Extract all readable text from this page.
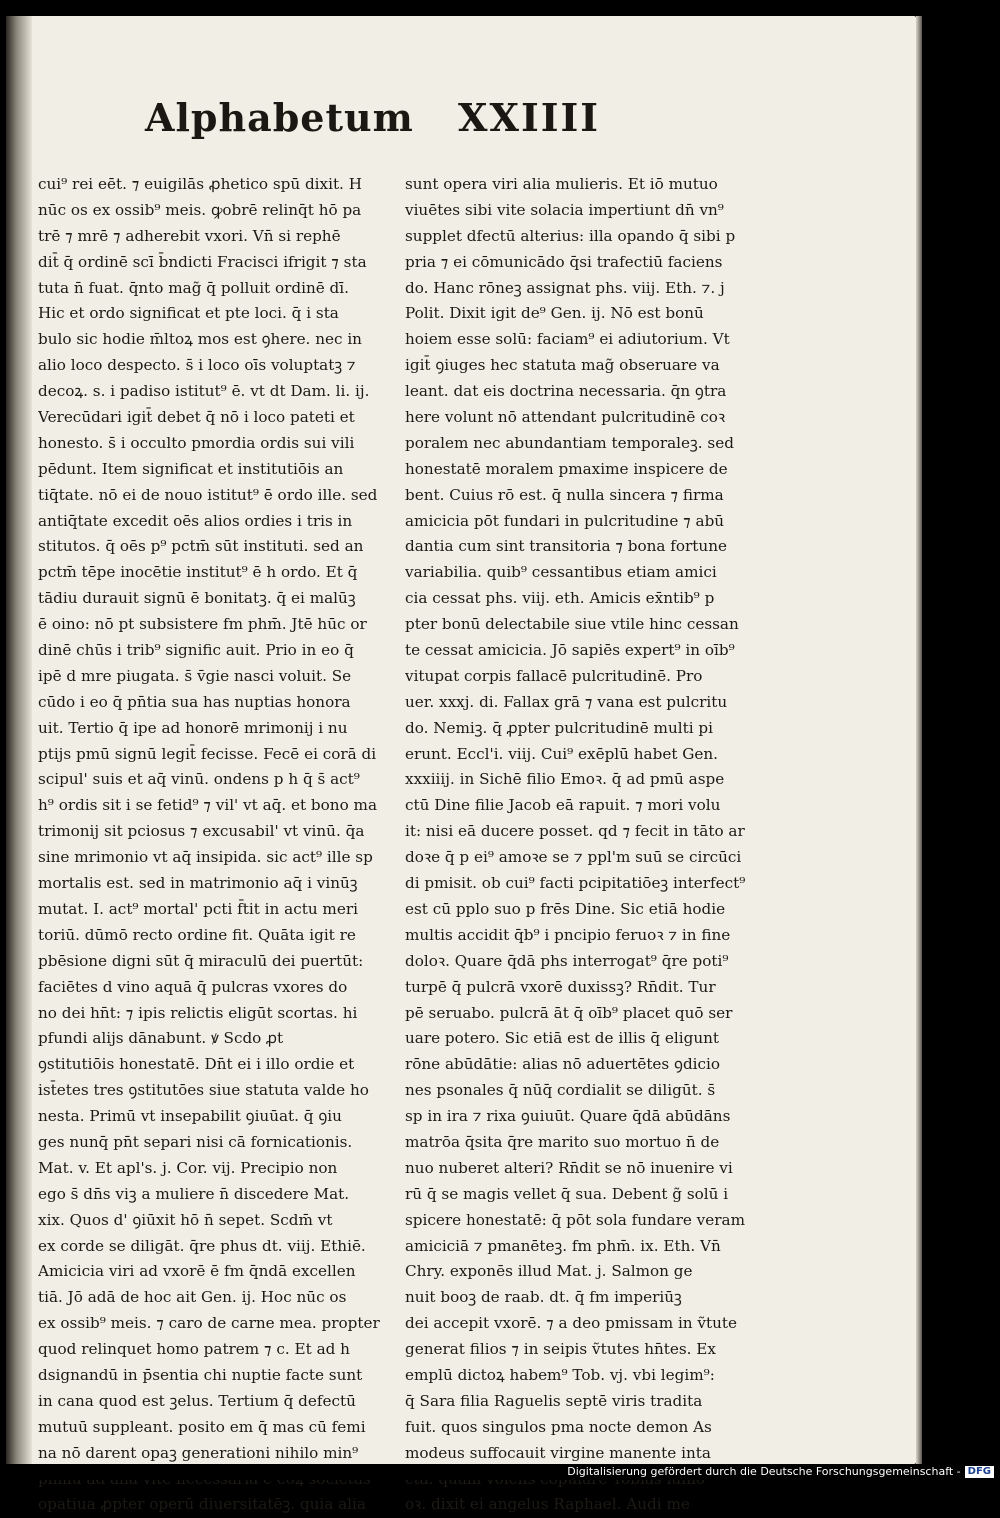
Alphabetum XXIIII
cui⁹ rei eēt. ⁊ euigilās ꝓhetico spū dixit. H
nūc os ex ossib⁹ meis. ꝙobrē relinq̄t hō pa
trē ⁊ mrē ⁊ adherebit vxori. Vn̄ si rephē
dit̄ q̄ ordinē scī b̄ndicti Fracisci ifrigit ⁊ sta
tuta n̄ fuat. q̄nto mag̃ q̄ polluit ordinē dī.
Hic et ordo significat et pte loci. q̄ i sta
bulo sic hodie m̄ltoꝝ mos est ꝯhere. nec in
alio loco despecto. s̄ i loco oīs voluptatꝫ ⁊
decoꝝ. s. i padiso istitut⁹ ē. vt dt Dam. li. ij.
Verecūdari igit̄ debet q̄ nō i loco pateti et
honesto. s̄ i occulto pmordia ordis sui vili
pēdunt. Item significat et institutiōis an
tiq̄tate. nō ei de nouo istitut⁹ ē ordo ille. sed
antiq̄tate excedit oēs alios ordies i tris in
stitutos. q̄ oēs p⁹ pctm̄ sūt instituti. sed an
pctm̄ tēpe inocētie institut⁹ ē h ordo. Et q̄
tādiu durauit signū ē bonitatꝫ. q̄ ei malūꝫ
ē oino: nō pt subsistere fm phm̄. Jtē hūc or
dinē chūs i trib⁹ signific auit. Prio in eo q̄
ipē d mre piugata. s̄ v̄gie nasci voluit. Se
cūdo i eo q̄ pn̄tia sua has nuptias honora
uit. Tertio q̄ ipe ad honorē mrimonij i nu
ptijs pmū signū legit̄ fecisse. Fecē ei corā di
scipul' suis et aq̄ vinū. ondens p h q̄ s̄ act⁹
h⁹ ordis sit i se fetid⁹ ⁊ vil' vt aq̄. et bono ma
trimonij sit pciosus ⁊ excusabil' vt vinū. q̄a
sine mrimonio vt aq̄ insipida. sic act⁹ ille sp
mortalis est. sed in matrimonio aq̄ i vinūꝫ
mutat. I. act⁹ mortal' pcti f̄tit in actu meri
toriū. dūmō recto ordine fit. Quāta igit re
pbēsione digni sūt q̄ miraculū dei puertūt:
faciētes d vino aquā q̄ pulcras vxores do
no dei hn̄t: ⁊ ipis relictis eligūt scortas. hi
pfundi alijs dānabunt. ꝟ Scdo ꝓt
ꝯstitutiōis honestatē. Dn̄t ei i illo ordie et
ist̄etes tres ꝯstitutōes siue statuta valde ho
nesta. Primū vt insepabilit ꝯiuūat. q̄ ꝯiu
ges nunq̄ pn̄t separi nisi cā fornicationis.
Mat. v. Et apl's. j. Cor. vij. Precipio non
ego s̄ dn̄s viꝫ a muliere n̄ discedere Mat.
xix. Quos d' ꝯiūxit hō n̄ sepet. Scdm̄ vt
ex corde se diligāt. q̄re phus dt. viij. Ethiē.
Amicicia viri ad vxorē ē fm q̄ndā excellen
tiā. Jō adā de hoc ait Gen. ij. Hoc nūc os
ex ossib⁹ meis. ⁊ caro de carne mea. propter
quod relinquet homo patrem ⁊ c. Et ad h
dsignandū in p̄sentia chi nuptie facte sunt
in cana quod est ꝫelus. Tertium q̄ defectū
mutuū suppleant. posito em q̄ mas cū femi
na nō darent opaꝫ generationi nihilo min⁹
opatiua ꝓpter operū diuersitatēꝫ. quia alia
sunt opera viri alia mulieris. Et iō mutuo
viuētes sibi vite solacia impertiunt dn̄ vn⁹
supplet dfectū alterius: illa opando q̄ sibi p
pria ⁊ ei cōmunicādo q̄si trafectiū faciens
do. Hanc rōneꝫ assignat phs. viij. Eth. ⁊. j
Polit. Dixit igit de⁹ Gen. ij. Nō est bonū
hoiem esse solū: faciam⁹ ei adiutorium. Vt
igit̄ ꝯiuges hec statuta mag̃ obseruare va
leant. dat eis doctrina necessaria. q̄n ꝯtra
here volunt nō attendant pulcritudinē coꝛ
poralem nec abundantiam temporaleꝫ. sed
honestatē moralem pmaxime inspicere de
bent. Cuius rō est. q̄ nulla sincera ⁊ firma
amicicia pōt fundari in pulcritudine ⁊ abū
dantia cum sint transitoria ⁊ bona fortune
variabilia. quib⁹ cessantibus etiam amici
cia cessat phs. viij. eth. Amicis ex̄ntib⁹ p
pter bonū delectabile siue vtile hinc cessan
te cessat amicicia. Jō sapiēs expert⁹ in oīb⁹
vitupat corpis fallacē pulcritudinē. Pro
uer. xxxj. di. Fallax grā ⁊ vana est pulcritu
do. Nemiꝫ. q̄ ꝓpter pulcritudinē multi pi
erunt. Eccl'i. viij. Cui⁹ exēplū habet Gen.
xxxiiij. in Sichē filio Emoꝛ. q̄ ad pmū aspe
ctū Dine filie Jacob eā rapuit. ⁊ mori volu
it: nisi eā ducere posset. qd ⁊ fecit in tāto ar
doꝛe q̄ p ei⁹ amoꝛe se ⁊ ppl'm suū se circūci
di pmisit. ob cui⁹ facti pcipitatiōeꝫ interfect⁹
est cū pplo suo p frēs Dine. Sic etiā hodie
multis accidit q̄b⁹ i pncipio feruoꝛ ⁊ in fine
doloꝛ. Quare q̄dā phs interrogat⁹ q̄re poti⁹
turpē q̄ pulcrā vxorē duxissꝫ? Rn̄dit. Tur
pē seruabo. pulcrā āt q̄ oīb⁹ placet quō ser
uare potero. Sic etiā est de illis q̄ eligunt
rōne abūdātie: alias nō aduertētes ꝯdicio
nes psonales q̄ nūq̄ cordialit se diligūt. s̄
sp in ira ⁊ rixa ꝯuiuūt. Quare q̄dā abūdāns
matrōa q̄sita q̄re marito suo mortuo n̄ de
nuo nuberet alteri? Rn̄dit se nō inuenire vi
rū q̄ se magis vellet q̄ sua. Debent g̃ solū i
spicere honestatē: q̄ pōt sola fundare veram
amiciciā ⁊ pmanēteꝫ. fm phm̄. ix. Eth. Vn̄
Chry. exponēs illud Mat. j. Salmon ge
nuit booꝫ de raab. dt. q̄ fm imperiūꝫ
dei accepit vxorē. ⁊ a deo pmissam in ṽtute
generat filios ⁊ in seipis ṽtutes hn̄tes. Ex
emplū dictoꝝ habem⁹ Tob. vj. vbi legim⁹:
q̄ Sara filia Raguelis septē viris tradita
fuit. quos singulos pma nocte demon As
modeus suffocauit virgine manente inta
oꝛ. dixit ei angelus Raphael. Audi me
Digitalisierung gefördert durch die Deutsche Forschungsgemeinschaft - DFG
